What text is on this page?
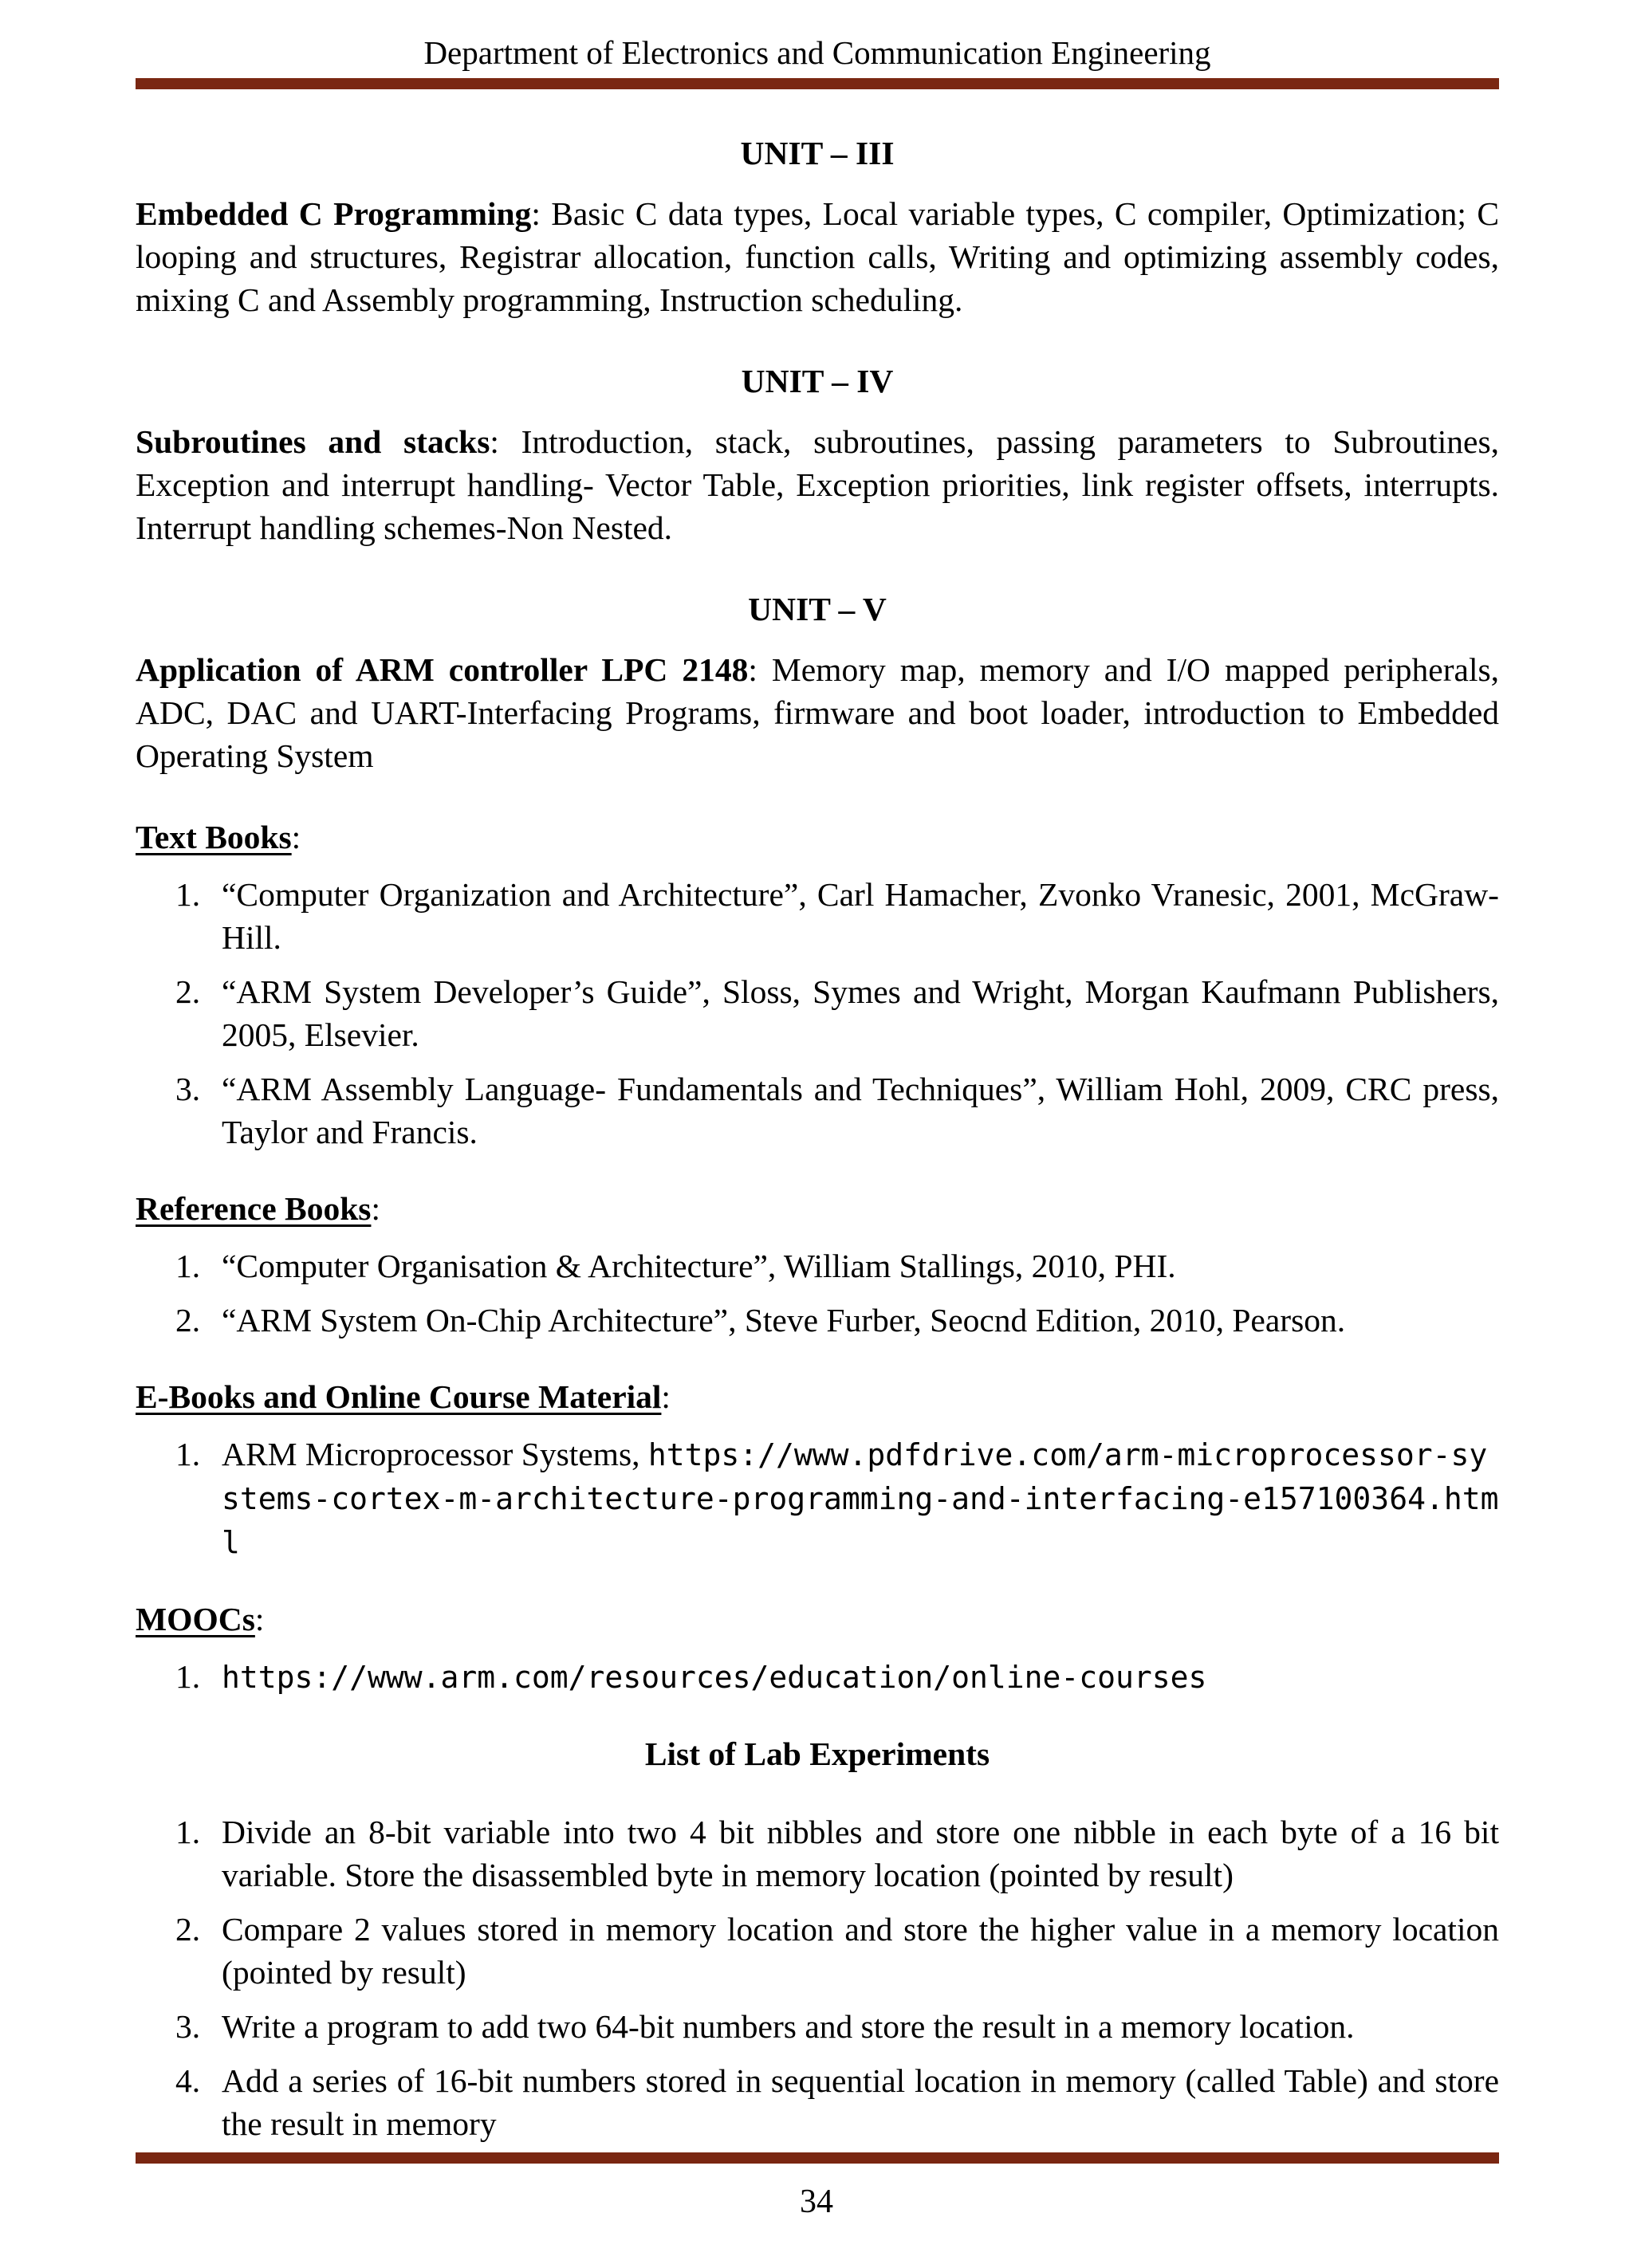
Department of Electronics and Communication Engineering
UNIT – III

Embedded C Programming: Basic C data types, Local variable types, C compiler, Optimization; C looping and structures, Registrar allocation, function calls, Writing and optimizing assembly codes, mixing C and Assembly programming, Instruction scheduling.

UNIT – IV

Subroutines and stacks: Introduction, stack, subroutines, passing parameters to Subroutines, Exception and interrupt handling- Vector Table, Exception priorities, link register offsets, interrupts. Interrupt handling schemes-Non Nested.

UNIT – V

Application of ARM controller LPC 2148: Memory map, memory and I/O mapped peripherals, ADC, DAC and UART-Interfacing Programs, firmware and boot loader, introduction to Embedded Operating System

Text Books:
1. “Computer Organization and Architecture”, Carl Hamacher, Zvonko Vranesic, 2001, McGraw-Hill.
2. “ARM System Developer’s Guide”, Sloss, Symes and Wright, Morgan Kaufmann Publishers, 2005, Elsevier.
3. “ARM Assembly Language- Fundamentals and Techniques”, William Hohl, 2009, CRC press, Taylor and Francis.
Reference Books:
1. “Computer Organisation & Architecture”, William Stallings, 2010, PHI.
2. “ARM System On-Chip Architecture”, Steve Furber, Seocnd Edition, 2010, Pearson.
E-Books and Online Course Material:
1. ARM Microprocessor Systems, https://www.pdfdrive.com/arm-microprocessor-systems-cortex-m-architecture-programming-and-interfacing-e157100364.html
MOOCs:
1. https://www.arm.com/resources/education/online-courses
List of Lab Experiments
1. Divide an 8-bit variable into two 4 bit nibbles and store one nibble in each byte of a 16 bit variable. Store the disassembled byte in memory location (pointed by result)
2. Compare 2 values stored in memory location and store the higher value in a memory location (pointed by result)
3. Write a program to add two 64-bit numbers and store the result in a memory location.
4. Add a series of 16-bit numbers stored in sequential location in memory (called Table) and store the result in memory
34
